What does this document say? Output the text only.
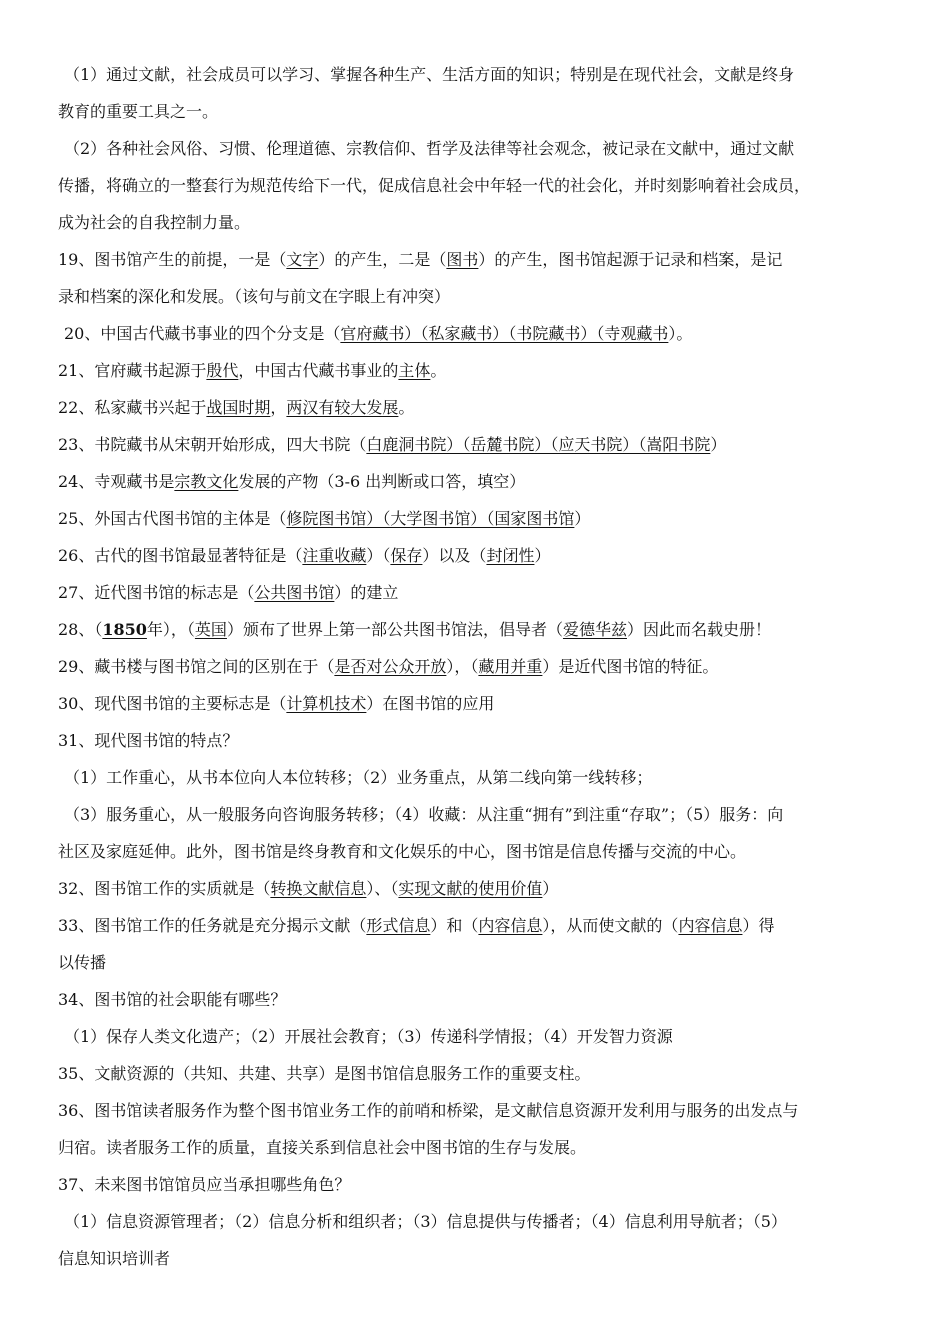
（1）通过文献，社会成员可以学习、掌握各种生产、生活方面的知识；特别是在现代社会，文献是终身
教育的重要工具之一。
（2）各种社会风俗、习惯、伦理道德、宗教信仰、哲学及法律等社会观念，被记录在文献中，通过文献
传播，将确立的一整套行为规范传给下一代，促成信息社会中年轻一代的社会化，并时刻影响着社会成员，
成为社会的自我控制力量。
19、图书馆产生的前提，一是（文字）的产生，二是（图书）的产生，图书馆起源于记录和档案，是记
录和档案的深化和发展。（该句与前文在字眼上有冲突）
20、中国古代藏书事业的四个分支是（官府藏书）（私家藏书）（书院藏书）（寺观藏书）。
21、官府藏书起源于殷代，中国古代藏书事业的主体。
22、私家藏书兴起于战国时期，两汉有较大发展。
23、书院藏书从宋朝开始形成，四大书院（白鹿洞书院）（岳麓书院）（应天书院）（嵩阳书院）
24、寺观藏书是宗教文化发展的产物（3-6 出判断或口答，填空）
25、外国古代图书馆的主体是（修院图书馆）（大学图书馆）（国家图书馆）
26、古代的图书馆最显著特征是（注重收藏）（保存）以及（封闭性）
27、近代图书馆的标志是（公共图书馆）的建立
28、（1850年），（英国）颁布了世界上第一部公共图书馆法，倡导者（爱德华兹）因此而名载史册！
29、藏书楼与图书馆之间的区别在于（是否对公众开放），（藏用并重）是近代图书馆的特征。
30、现代图书馆的主要标志是（计算机技术）在图书馆的应用
31、现代图书馆的特点？
（1）工作重心，从书本位向人本位转移；（2）业务重点，从第二线向第一线转移；
（3）服务重心，从一般服务向咨询服务转移；（4）收藏：从注重“拥有”到注重“存取”；（5）服务：向
社区及家庭延伸。此外，图书馆是终身教育和文化娱乐的中心，图书馆是信息传播与交流的中心。
32、图书馆工作的实质就是（转换文献信息）、（实现文献的使用价值）
33、图书馆工作的任务就是充分揭示文献（形式信息）和（内容信息），从而使文献的（内容信息）得
以传播
34、图书馆的社会职能有哪些？
（1）保存人类文化遗产；（2）开展社会教育；（3）传递科学情报；（4）开发智力资源
35、文献资源的（共知、共建、共享）是图书馆信息服务工作的重要支柱。
36、图书馆读者服务作为整个图书馆业务工作的前哨和桥梁，是文献信息资源开发利用与服务的出发点与
归宿。读者服务工作的质量，直接关系到信息社会中图书馆的生存与发展。
37、未来图书馆馆员应当承担哪些角色？
（1）信息资源管理者；（2）信息分析和组织者；（3）信息提供与传播者；（4）信息利用导航者；（5）
信息知识培训者
